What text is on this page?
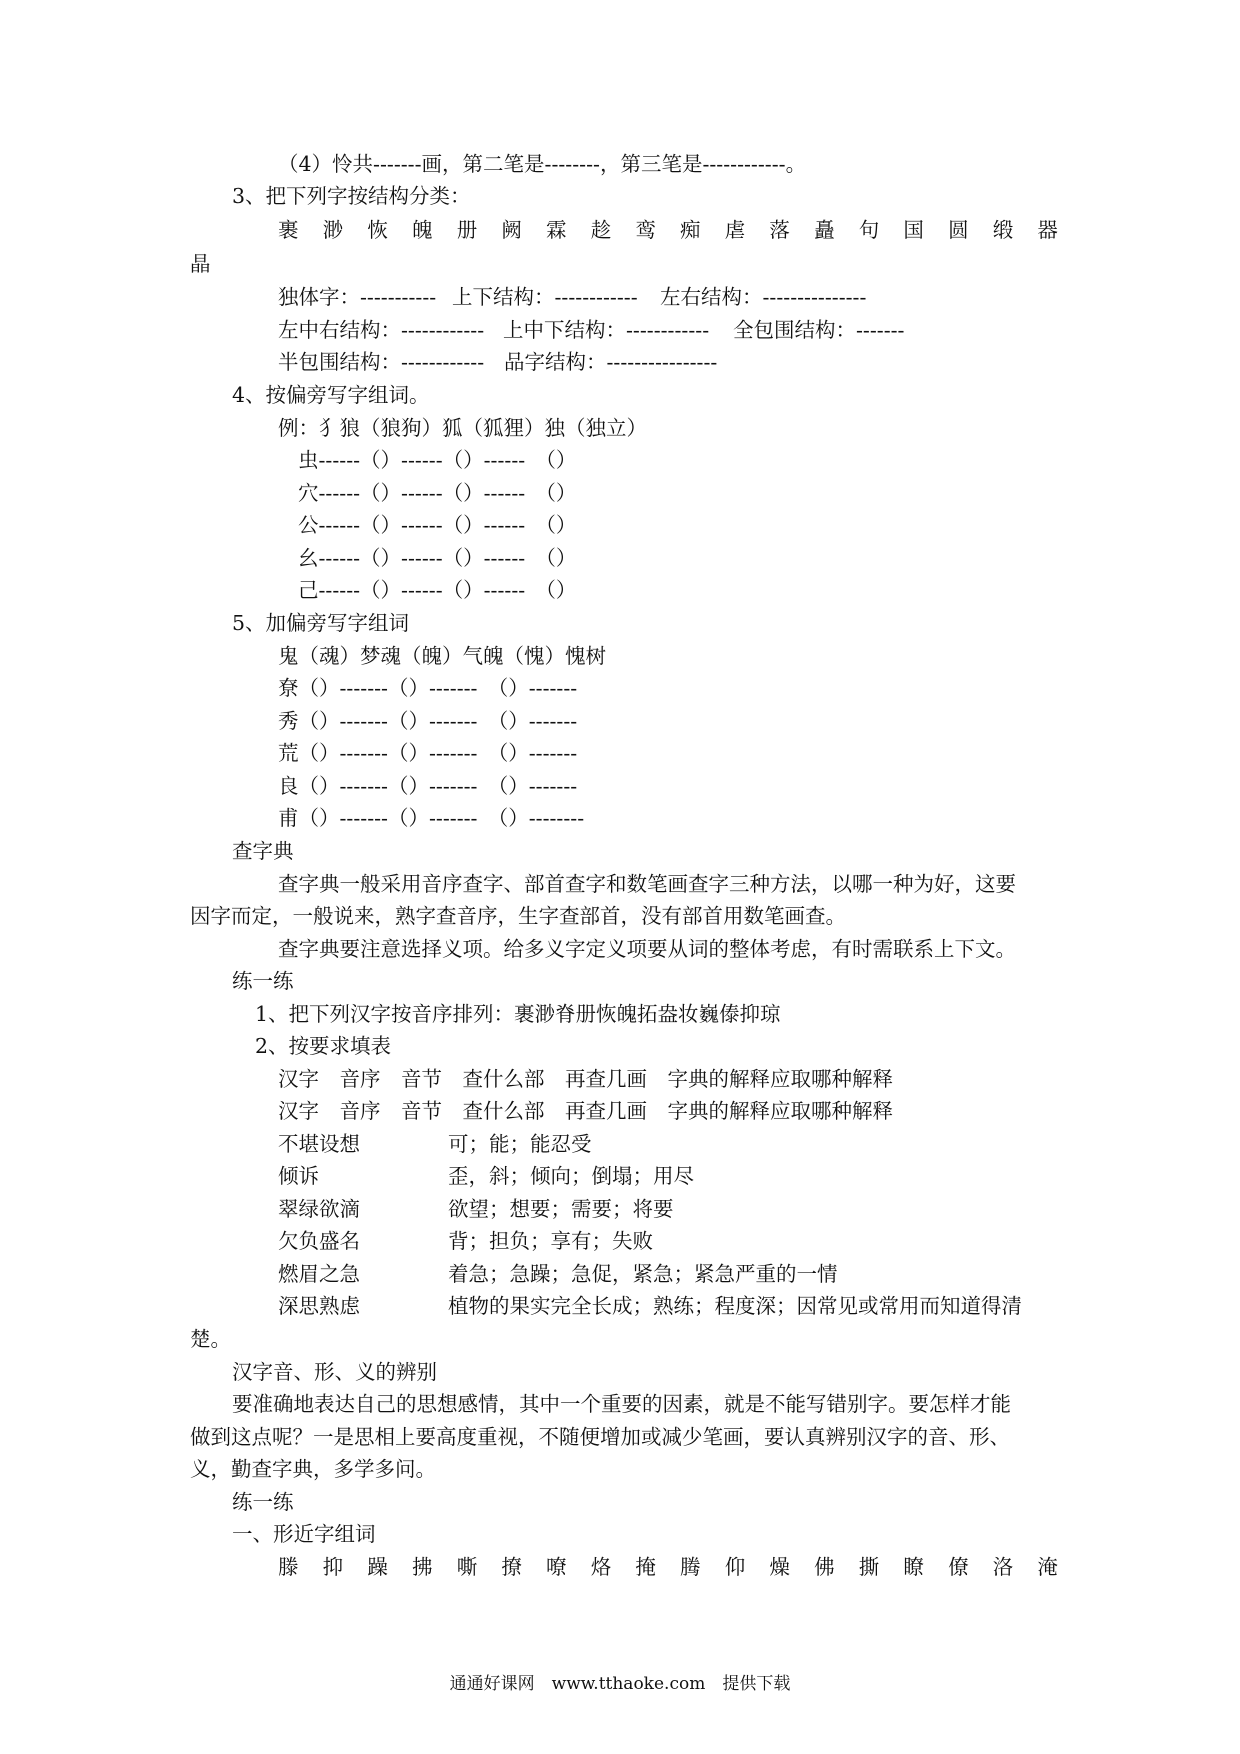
（4）怜共-------画，第二笔是--------，第三笔是------------。
3、把下列字按结构分类：
裹 渺 恢 魄 册 阙 霖 趁 鸾 痴 虐 落 矗 句 国 圆 缎 器
晶
独体字：----------- 上下结构：------------ 左右结构：---------------
左中右结构：------------ 上中下结构：------------ 全包围结构：-------
半包围结构：------------ 品字结构：----------------
4、按偏旁写字组词。
例：犭狼（狼狗）狐（狐狸）独（独立）
虫------（）------（）------　（）
穴------（）------（）------　（）
公------（）------（）------　（）
幺------（）------（）------　（）
己------（）------（）------　（）
5、加偏旁写字组词
鬼（魂）梦魂（魄）气魄（愧）愧树
尞（）-------（）-------　（）-------
秀（）-------（）-------　（）-------
荒（）-------（）-------　（）-------
良（）-------（）-------　（）-------
甫（）-------（）-------　（）--------
查字典
查字典一般采用音序查字、部首查字和数笔画查字三种方法，以哪一种为好，这要
因字而定，一般说来，熟字查音序，生字查部首，没有部首用数笔画查。
查字典要注意选择义项。给多义字定义项要从词的整体考虑，有时需联系上下文。
练一练
1、把下列汉字按音序排列：裹渺脊册恢魄拓盎妆巍傣抑琼
2、按要求填表
汉字　音序　音节　查什么部　再查几画　字典的解释应取哪种解释
汉字　音序　音节　查什么部　再查几画　字典的解释应取哪种解释
不堪设想	可；能；能忍受
倾诉	歪，斜；倾向；倒塌；用尽
翠绿欲滴	欲望；想要；需要；将要
欠负盛名	背；担负；享有；失败
燃眉之急	着急；急躁；急促，紧急；紧急严重的一情
深思熟虑	植物的果实完全长成；熟练；程度深；因常见或常用而知道得清
楚。
汉字音、形、义的辨别
要准确地表达自己的思想感情，其中一个重要的因素，就是不能写错别字。要怎样才能
做到这点呢？一是思相上要高度重视，不随便增加或减少笔画，要认真辨别汉字的音、形、
义，勤查字典，多学多问。
练一练
一、形近字组词
滕 抑 躁 拂 嘶 撩 嘹 烙 掩 腾 仰 燥 佛 撕 瞭 僚 洛 淹
通通好课网　www.tthaoke.com　提供下载
